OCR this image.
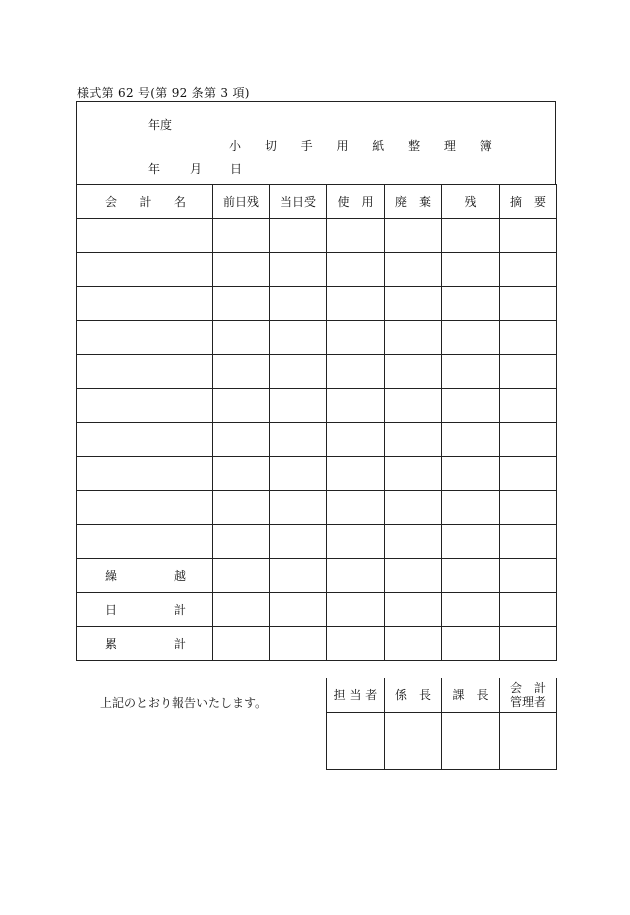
様式第 62 号(第 92 条第 3 項)
年度
小 切 手 用 紙 整 理 簿
年 月 日
会 計 名	前日残	当日受	使　用	廃　棄	残	摘　要

繰 越						

日 計						

累 計						

上記のとおり報告いたします。
担 当 者	係　長	課　長	会　計
管理者
